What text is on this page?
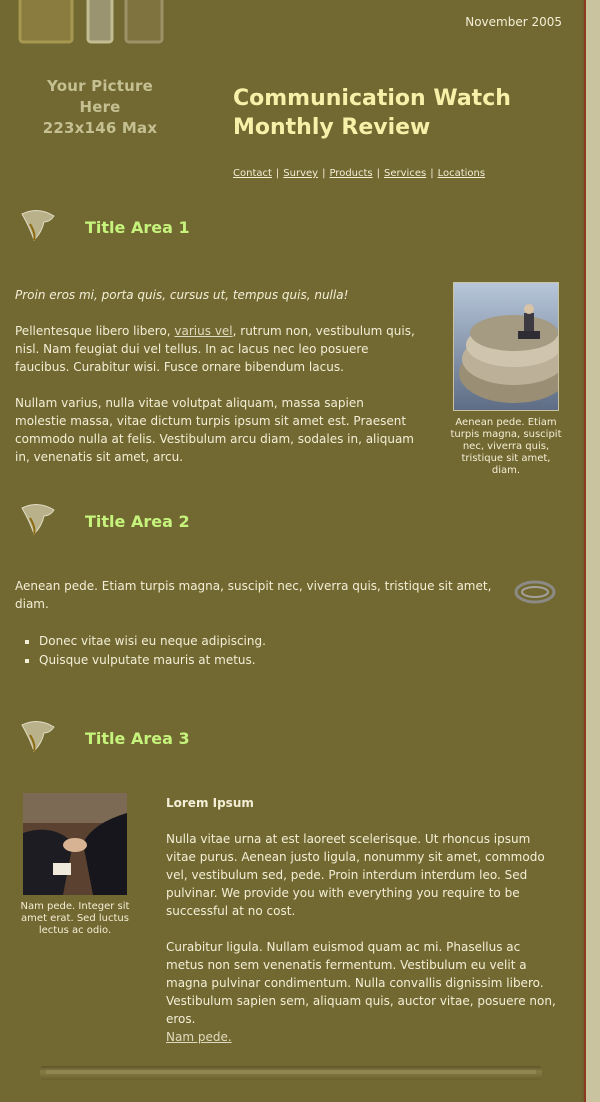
November 2005
Your Picture Here
223x146 Max
Communication Watch
Monthly Review
Contact | Survey | Products | Services | Locations
Title Area 1

Proin eros mi, porta quis, cursus ut, tempus quis, nulla!

Pellentesque libero libero, varius vel, rutrum non, vestibulum quis, nisl. Nam feugiat dui vel tellus. In ac lacus nec leo posuere faucibus. Curabitur wisi. Fusce ornare bibendum lacus.

Nullam varius, nulla vitae volutpat aliquam, massa sapien molestie massa, vitae dictum turpis ipsum sit amet est. Praesent commodo nulla at felis. Vestibulum arcu diam, sodales in, aliquam in, venenatis sit amet, arcu.

Aenean pede. Etiam turpis magna, suscipit nec, viverra quis, tristique sit amet, diam.
Title Area 2

Aenean pede. Etiam turpis magna, suscipit nec, viverra quis, tristique sit amet, diam.

▪ Donec vitae wisi eu neque adipiscing.
▪ Quisque vulputate mauris at metus.
Title Area 3
Nam pede. Integer sit amet erat. Sed luctus lectus ac odio.

Lorem Ipsum

Nulla vitae urna at est laoreet scelerisque. Ut rhoncus ipsum vitae purus. Aenean justo ligula, nonummy sit amet, commodo vel, vestibulum sed, pede. Proin interdum interdum leo. Sed pulvinar. We provide you with everything you require to be successful at no cost.

Curabitur ligula. Nullam euismod quam ac mi. Phasellus ac metus non sem venenatis fermentum. Vestibulum eu velit a magna pulvinar condimentum. Nulla convallis dignissim libero. Vestibulum sapien sem, aliquam quis, auctor vitae, posuere non, eros.

Nam pede.
